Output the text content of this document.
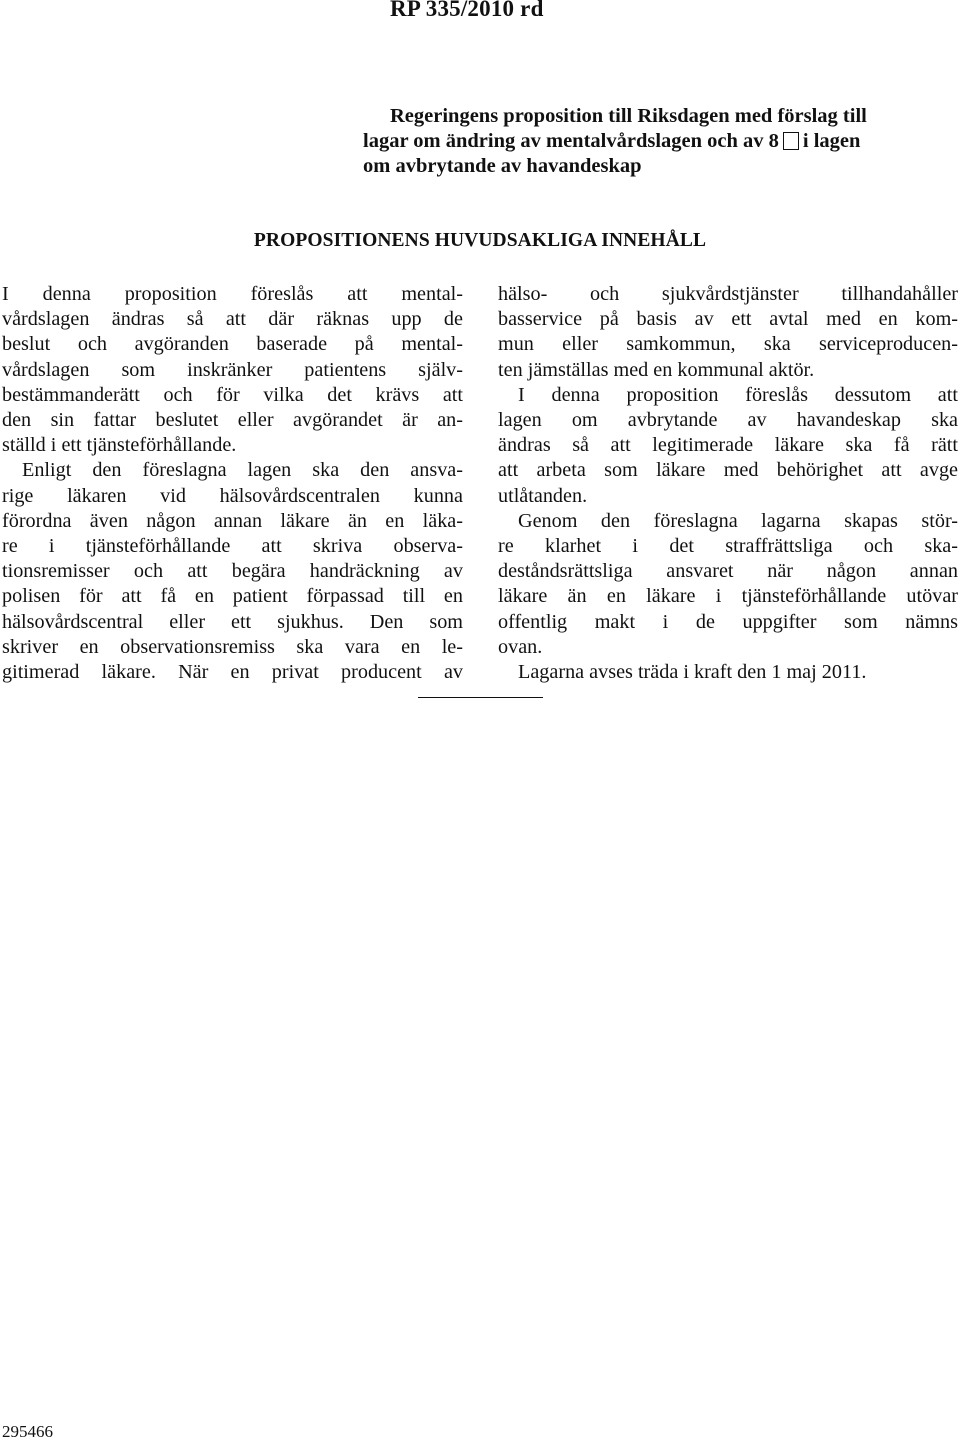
RP 335/2010 rd
Regeringens proposition till Riksdagen med förslag till
lagar om ändring av mentalvårdslagen och av 8 i lagen
om avbrytande av havandeskap
PROPOSITIONENS HUVUDSAKLIGA INNEHÅLL
I denna proposition föreslås att mental-
vårdslagen ändras så att där räknas upp de
beslut och avgöranden baserade på mental-
vårdslagen som inskränker patientens själv-
bestämmanderätt och för vilka det krävs att
den sin fattar beslutet eller avgörandet är an-
ställd i ett tjänsteförhållande.
Enligt den föreslagna lagen ska den ansva-
rige läkaren vid hälsovårdscentralen kunna
förordna även någon annan läkare än en läka-
re i tjänsteförhållande att skriva observa-
tionsremisser och att begära handräckning av
polisen för att få en patient förpassad till en
hälsovårdscentral eller ett sjukhus. Den som
skriver en observationsremiss ska vara en le-
gitimerad läkare. När en privat producent av
hälso- och sjukvårdstjänster tillhandahåller
basservice på basis av ett avtal med en kom-
mun eller samkommun, ska serviceproducen-
ten jämställas med en kommunal aktör.
I denna proposition föreslås dessutom att
lagen om avbrytande av havandeskap ska
ändras så att legitimerade läkare ska få rätt
att arbeta som läkare med behörighet att avge
utlåtanden.
Genom den föreslagna lagarna skapas stör-
re klarhet i det straffrättsliga och ska-
deståndsrättsliga ansvaret när någon annan
läkare än en läkare i tjänsteförhållande utövar
offentlig makt i de uppgifter som nämns
ovan.
Lagarna avses träda i kraft den 1 maj 2011.
295466
